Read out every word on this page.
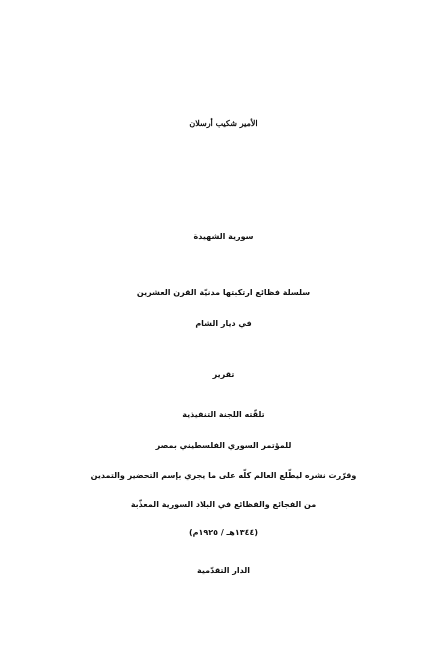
الأمير شكيب أرسلان
سورية الشهيدة
سلسلة فظائع ارتكبتها مدنيّة القرن العشرين
في ديار الشام
تقرير
تلقّته اللجنة التنفيذية
للمؤتمر السوري الفلسطيني بمصر
وقرّرت نشره ليطّلع العالم كلّه على ما يجري بإسم التحضير والتمدين
من الفجائع والفظائع في البلاد السورية المعذّبة
(١٣٤٤هـ / ١٩٢٥م)
الدار التقدّمية
